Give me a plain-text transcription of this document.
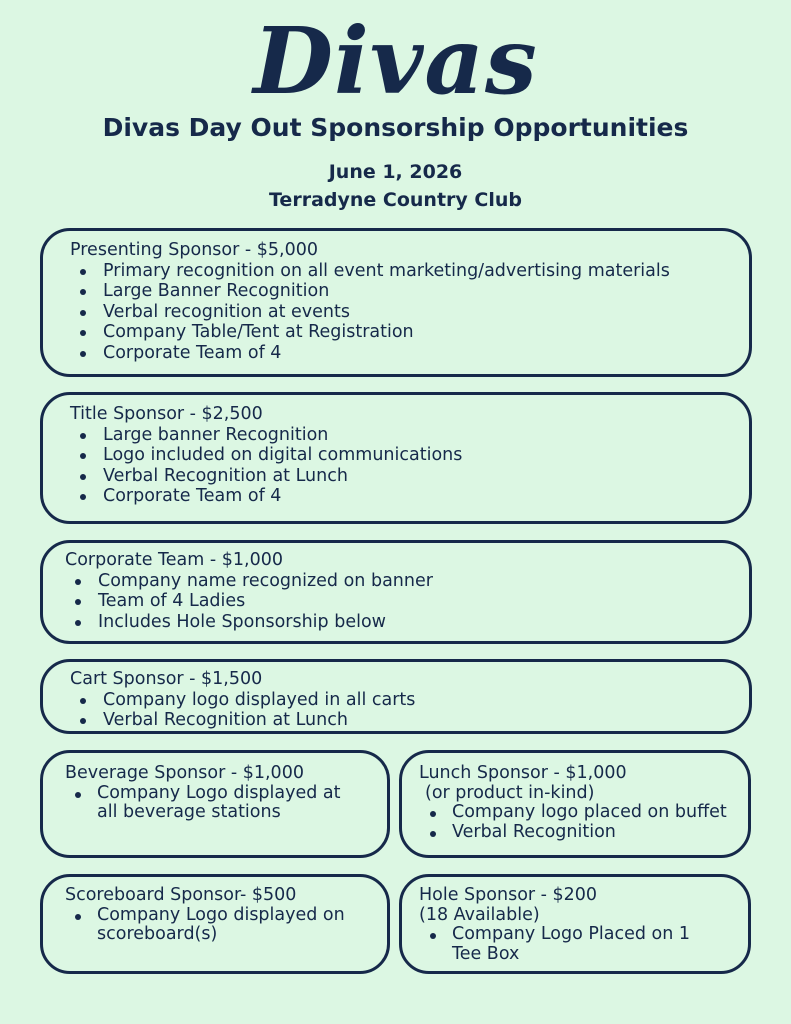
Divas
Divas Day Out Sponsorship Opportunities
June 1, 2026
Terradyne Country Club
Presenting Sponsor - $5,000
Primary recognition on all event marketing/advertising materials
Large Banner Recognition
Verbal recognition at events
Company Table/Tent at Registration
Corporate Team of 4
Title Sponsor - $2,500
Large banner Recognition
Logo included on digital communications
Verbal Recognition at Lunch
Corporate Team of 4
Corporate Team - $1,000
Company name recognized on banner
Team of 4 Ladies
Includes Hole Sponsorship below
Cart Sponsor - $1,500
Company logo displayed in all carts
Verbal Recognition at Lunch
Beverage Sponsor - $1,000
Company Logo displayed at all beverage stations
Lunch Sponsor - $1,000
(or product in-kind)
Company logo placed on buffet
Verbal Recognition
Scoreboard Sponsor- $500
Company Logo displayed on scoreboard(s)
Hole Sponsor - $200
(18 Available)
Company Logo Placed on 1 Tee Box
